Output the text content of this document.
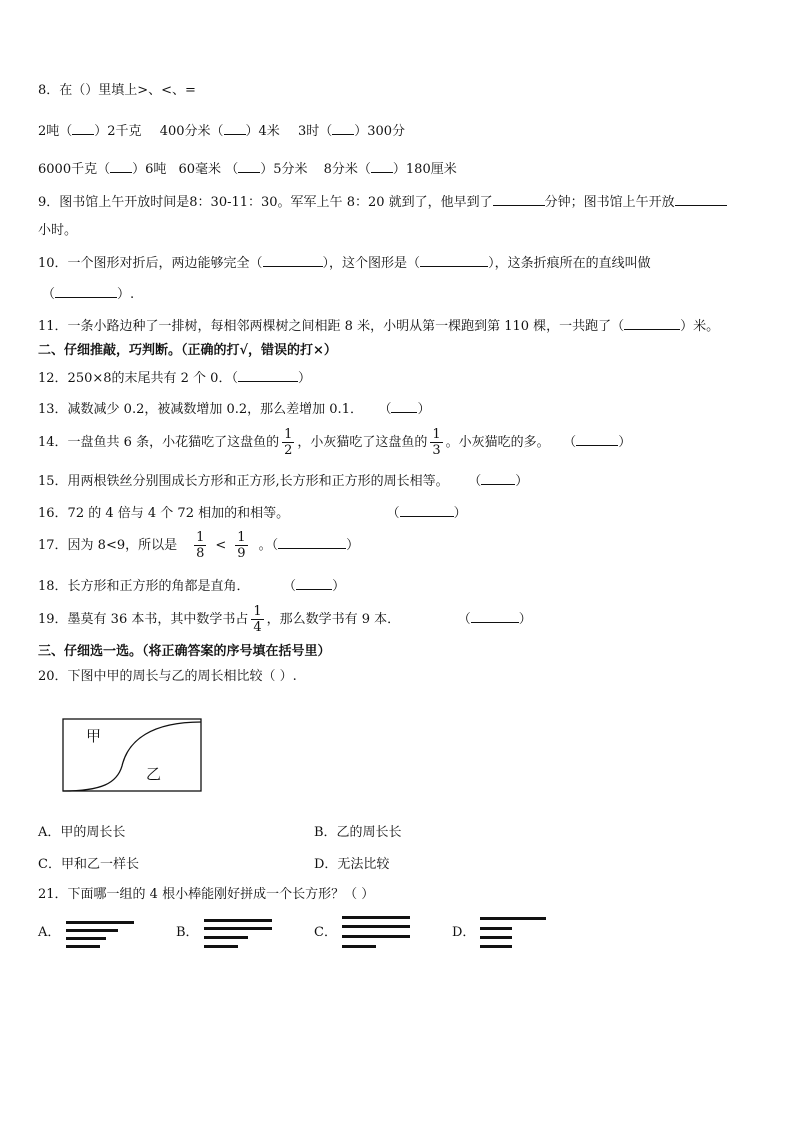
8．在（）里填上>、<、=
2吨（ ）2千克 400分米（ ）4米 3时（ ）300分
6000千克（ ）6吨 60毫米 （ ）5分米 8分米（ ）180厘米
9．图书馆上午开放时间是8：30-11：30。军军上午 8：20 就到了，他早到了	分钟；图书馆上午开放
小时。
10．一个图形对折后，两边能够完全（	），这个图形是（	），这条折痕所在的直线叫做
（	）.
11．一条小路边种了一排树，每相邻两棵树之间相距 8 米，小明从第一棵跑到第 110 棵，一共跑了（	）米。
二、仔细推敲，巧判断。（正确的打√，错误的打×）
12．250×8的末尾共有 2 个 0．（	）
13．减数减少 0.2，被减数增加 0.2，那么差增加 0.1． （ ）
14．一盘鱼共 6 条，小花猫吃了这盘鱼的 $\frac{1}{2}$ ，小灰猫吃了这盘鱼的 $\frac{1}{3}$ 。小灰猫吃的多。 （	）
15．用两根铁丝分别围成长方形和正方形,长方形和正方形的周长相等。 （	）
16．72 的 4 倍与 4 个 72 相加的和相等。	（	）
17．因为 8<9，所以是 $\frac{1}{8} < \frac{1}{9}$ 。（	）
18．长方形和正方形的角都是直角．	（	）
19．墨莫有 36 本书，其中数学书占 $\frac{1}{4}$ ，那么数学书有 9 本．	（	）
三、仔细选一选。（将正确答案的序号填在括号里）
20．下图中甲的周长与乙的周长相比较（ ）.
甲
乙
A．甲的周长长	B．乙的周长长
C．甲和乙一样长	D．无法比较
21．下面哪一组的 4 根小棒能刚好拼成一个长方形？（ ）
A．	B．	C．	D．
